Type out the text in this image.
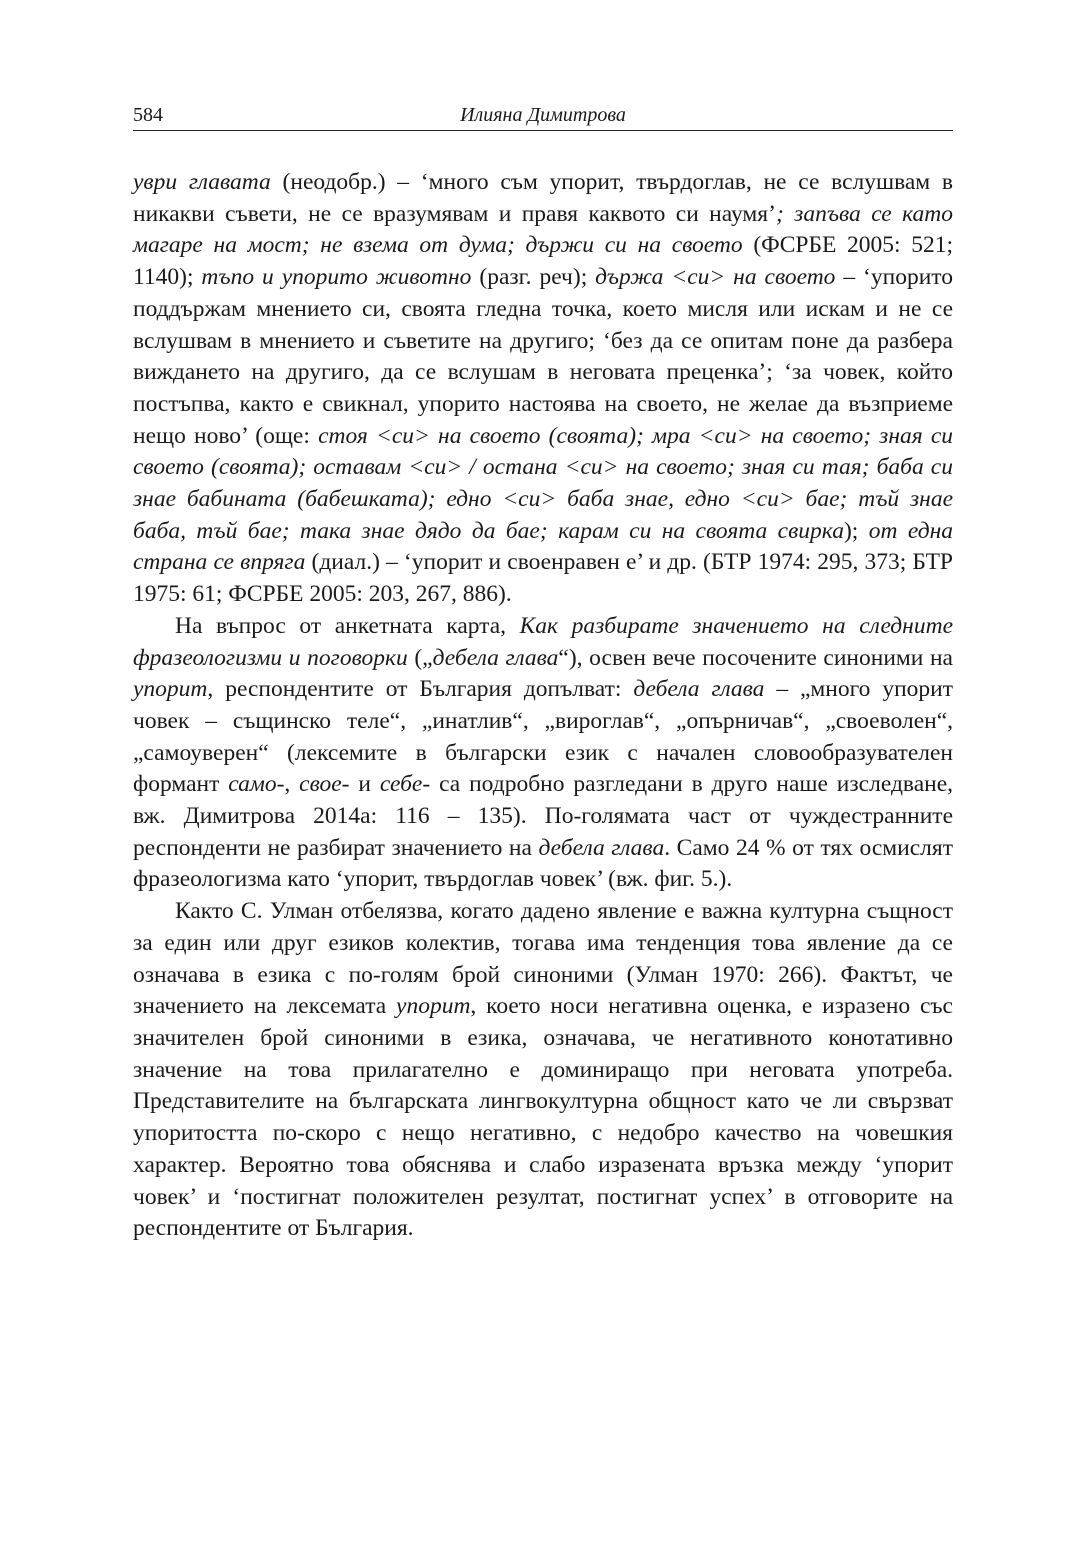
584	Илияна Димитрова

уври главата (неодобр.) – ‘много съм упорит, твърдоглав, не се вслушвам в никакви съвети, не се вразумявам и правя каквото си наумя’; запъва се като магаре на мост; не взема от дума; държи си на своето (ФСРБЕ 2005: 521; 1140); тъпо и упорито животно (разг. реч); държа <си> на своето – ‘упорито поддържам мнението си, своята гледна точка, което мисля или искам и не се вслушвам в мнението и съветите на другиго; ‘без да се опитам поне да разбера виждането на другиго, да се вслушам в неговата преценка’; ‘за човек, който постъпва, както е свикнал, упорито настоява на своето, не желае да възприеме нещо ново’ (още: стоя <си> на своето (своята); мра <си> на своето; зная си своето (своята); оставам <си> / остана <си> на своето; зная си тая; баба си знае бабината (бабешката); едно <си> баба знае, едно <си> бае; тъй знае баба, тъй бае; така знае дядо да бае; карам си на своята свирка); от една страна се впряга (диал.) – ‘упорит и своенравен е’ и др. (БТР 1974: 295, 373; БТР 1975: 61; ФСРБЕ 2005: 203, 267, 886).

На въпрос от анкетната карта, Как разбирате значението на следните фразеологизми и поговорки („дебела глава“), освен вече посочените синоними на упорит, респондентите от България допълват: дебела глава – „много упорит човек – същинско теле“, „инатлив“, „вироглав“, „опърничав“, „своеволен“, „самоуверен“ (лексемите в български език с начален словообразувателен формант само-, свое- и себе- са подробно разгледани в друго наше изследване, вж. Димитрова 2014а: 116 – 135). По-голямата част от чуждестранните респонденти не разбират значението на дебела глава. Само 24 % от тях осмислят фразеологизма като ‘упорит, твърдоглав човек’ (вж. фиг. 5.).

Както С. Улман отбелязва, когато дадено явление е важна културна същност за един или друг езиков колектив, тогава има тенденция това явление да се означава в езика с по-голям брой синоними (Улман 1970: 266). Фактът, че значението на лексемата упорит, което носи негативна оценка, е изразено със значителен брой синоними в езика, означава, че негативното конотативно значение на това прилагателно е доминиращо при неговата употреба. Представителите на българската лингвокултурна общност като че ли свързват упоритостта по-скоро с нещо негативно, с недобро качество на човешкия характер. Вероятно това обяснява и слабо изразената връзка между ‘упорит човек’ и ‘постигнат положителен резултат, постигнат успех’ в отговорите на респондентите от България.
